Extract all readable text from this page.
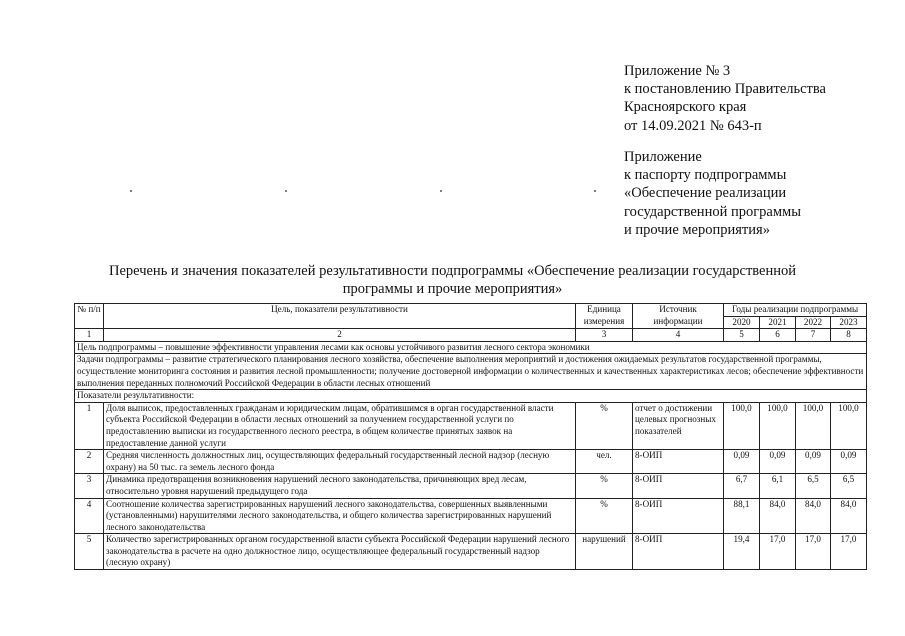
Приложение № 3
к постановлению Правительства
Красноярского края
от 14.09.2021 № 643-п
Приложение
к паспорту подпрограммы
«Обеспечение реализации
государственной программы
и прочие мероприятия»
Перечень и значения показателей результативности подпрограммы «Обеспечение реализации государственной
программы и прочие мероприятия»
№ п/п	Цель, показатели результативности	Единица измерения	Источник информации	Годы реализации подпрограммы			
				2020	2021	2022	2023
1	2	3	4	5	6	7	8
Цель подпрограммы – повышение эффективности управления лесами как основы устойчивого развития лесного сектора экономики							
Задачи подпрограммы – развитие стратегического планирования лесного хозяйства, обеспечение выполнения мероприятий и достижения ожидаемых результатов государственной программы, осуществление мониторинга состояния и развития лесной промышленности; получение достоверной информации о количественных и качественных характеристиках лесов; обеспечение эффективности выполнения переданных полномочий Российской Федерации в области лесных отношений							
Показатели результативности:							
1	Доля выписок, предоставленных гражданам и юридическим лицам, обратившимся в орган государственной власти субъекта Российской Федерации в области лесных отношений за получением государственной услуги по предоставлению выписки из государственного лесного реестра, в общем количестве принятых заявок на предоставление данной услуги	%	отчет о достижении целевых прогнозных показателей	100,0	100,0	100,0	100,0
2	Средняя численность должностных лиц, осуществляющих федеральный государственный лесной надзор (лесную охрану) на 50 тыс. га земель лесного фонда	чел.	8-ОИП	0,09	0,09	0,09	0,09
3	Динамика предотвращения возникновения нарушений лесного законодательства, причиняющих вред лесам, относительно уровня нарушений предыдущего года	%	8-ОИП	6,7	6,1	6,5	6,5
4	Соотношение количества зарегистрированных нарушений лесного законодательства, совершенных выявленными (установленными) нарушителями лесного законодательства, и общего количества зарегистрированных нарушений лесного законодательства	%	8-ОИП	88,1	84,0	84,0	84,0
5	Количество зарегистрированных органом государственной власти субъекта Российской Федерации нарушений лесного законодательства в расчете на одно должностное лицо, осуществляющее федеральный государственный надзор (лесную охрану)	нарушений	8-ОИП	19,4	17,0	17,0	17,0
